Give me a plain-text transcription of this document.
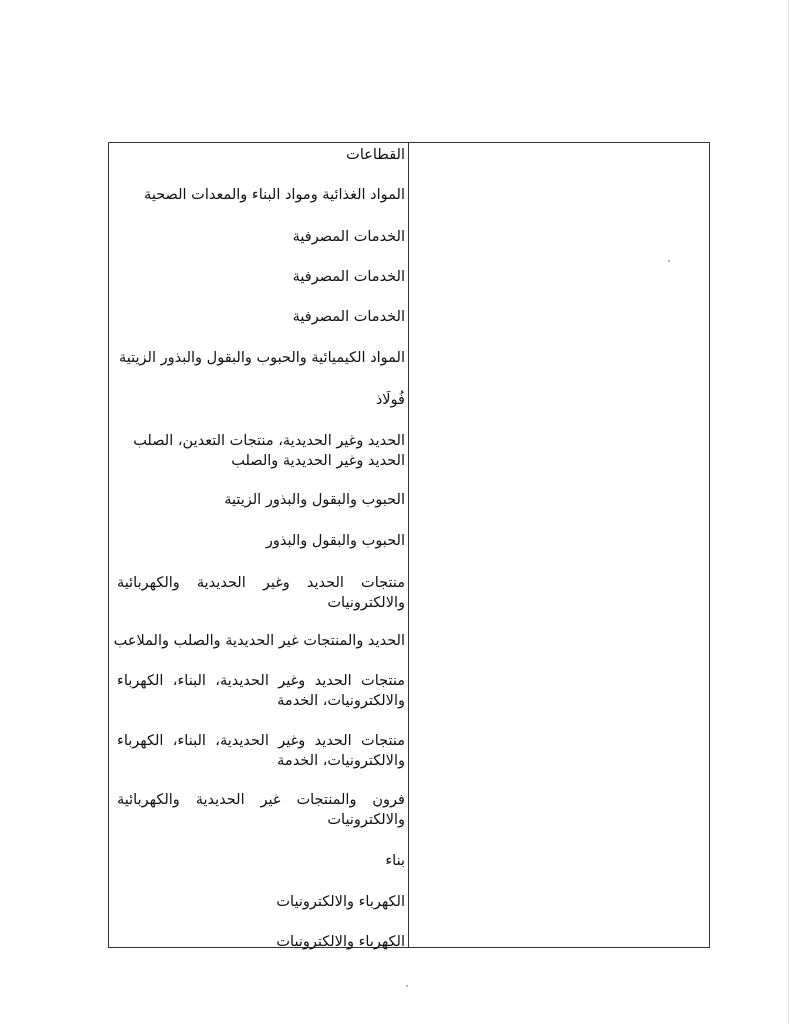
القطاعات
المواد الغذائية ومواد البناء والمعدات الصحية
الخدمات المصرفية
الخدمات المصرفية
الخدمات المصرفية
المواد الكيميائية والحبوب والبقول والبذور الزيتية
فُولَاذ
الحديد وغير الحديدية، منتجات التعدين، الصلب
الحديد وغير الحديدية والصلب
الحبوب والبقول والبذور الزيتية
الحبوب والبقول والبذور
منتجات الحديد وغير الحديدية والكهربائية والالكترونيات
الحديد والمنتجات غير الحديدية والصلب والملاعب
منتجات الحديد وغير الحديدية، البناء، الكهرباء والالكترونيات، الخدمة
منتجات الحديد وغير الحديدية، البناء، الكهرباء والالكترونيات، الخدمة
فرون والمنتجات غير الحديدية والكهربائية والالكترونيات
بناء
الكهرباء والالكترونيات
الكهرباء والالكترونيات
